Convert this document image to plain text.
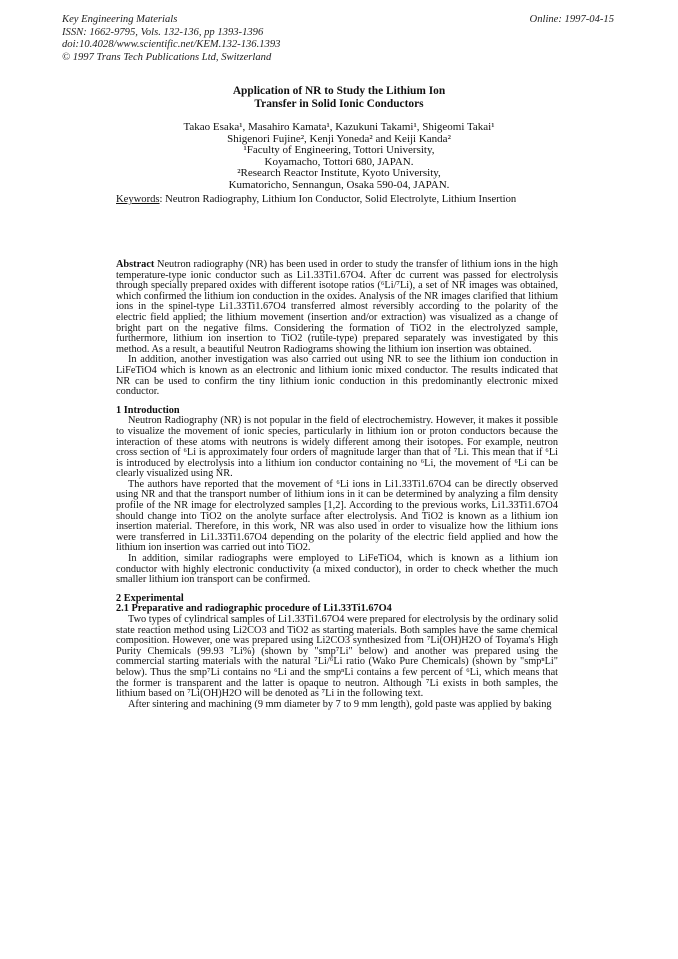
Key Engineering Materials
ISSN: 1662-9795, Vols. 132-136, pp 1393-1396
doi:10.4028/www.scientific.net/KEM.132-136.1393
© 1997 Trans Tech Publications Ltd, Switzerland
Online: 1997-04-15
Application of NR to Study the Lithium Ion
Transfer in Solid Ionic Conductors
Takao Esaka¹, Masahiro Kamata¹, Kazukuni Takami¹, Shigeomi Takai¹
Shigenori Fujine², Kenji Yoneda² and Keiji Kanda²
¹Faculty of Engineering, Tottori University,
Koyamacho, Tottori 680, JAPAN.
²Research Reactor Institute, Kyoto University,
Kumatoricho, Sennangun, Osaka 590-04, JAPAN.
Keywords: Neutron Radiography, Lithium Ion Conductor, Solid Electrolyte, Lithium Insertion

Abstract Neutron radiography (NR) has been used in order to study the transfer of lithium ions in the high temperature-type ionic conductor such as Li1.33Ti1.67O4. After dc current was passed for electrolysis through specially prepared oxides with different isotope ratios (⁶Li/⁷Li), a set of NR images was obtained, which confirmed the lithium ion conduction in the oxides. Analysis of the NR images clarified that lithium ions in the spinel-type Li1.33Ti1.67O4 transferred almost reversibly according to the polarity of the electric field applied; the lithium movement (insertion and/or extraction) was visualized as a change of bright part on the negative films. Considering the formation of TiO2 in the electrolyzed sample, furthermore, lithium ion insertion to TiO2 (rutile-type) prepared separately was investigated by this method. As a result, a beautiful Neutron Radiograms showing the lithium ion insertion was obtained.

In addition, another investigation was also carried out using NR to see the lithium ion conduction in LiFeTiO4 which is known as an electronic and lithium ionic mixed conductor. The results indicated that NR can be used to confirm the tiny lithium ionic conduction in this predominantly electronic mixed conductor.

1 Introduction

Neutron Radiography (NR) is not popular in the field of electrochemistry. However, it makes it possible to visualize the movement of ionic species, particularly in lithium ion or proton conductors because the interaction of these atoms with neutrons is widely different among their isotopes. For example, neutron cross section of ⁶Li is approximately four orders of magnitude larger than that of ⁷Li. This mean that if ⁶Li is introduced by electrolysis into a lithium ion conductor containing no ⁶Li, the movement of ⁶Li can be clearly visualized using NR.

The authors have reported that the movement of ⁶Li ions in Li1.33Ti1.67O4 can be directly observed using NR and that the transport number of lithium ions in it can be determined by analyzing a film density profile of the NR image for electrolyzed samples [1,2]. According to the previous works, Li1.33Ti1.67O4 should change into TiO2 on the anolyte surface after electrolysis. And TiO2 is known as a lithium ion insertion material. Therefore, in this work, NR was also used in order to visualize how the lithium ions were transferred in Li1.33Ti1.67O4 depending on the polarity of the electric field applied and how the lithium ion insertion was carried out into TiO2.

In addition, similar radiographs were employed to LiFeTiO4, which is known as a lithium ion conductor with highly electronic conductivity (a mixed conductor), in order to check whether the much smaller lithium ion transport can be confirmed.

2 Experimental
2.1 Preparative and radiographic procedure of Li1.33Ti1.67O4

Two types of cylindrical samples of Li1.33Ti1.67O4 were prepared for electrolysis by the ordinary solid state reaction method using Li2CO3 and TiO2 as starting materials. Both samples have the same chemical composition. However, one was prepared using Li2CO3 synthesized from ⁷Li(OH)H2O of Toyama's High Purity Chemicals (99.93 ⁷Li%) (shown by "smp⁷Li" below) and another was prepared using the commercial starting materials with the natural ⁷Li/⁶Li ratio (Wako Pure Chemicals) (shown by "smpⁿLi" below). Thus the smp⁷Li contains no ⁶Li and the smpⁿLi contains a few percent of ⁶Li, which means that the former is transparent and the latter is opaque to neutron. Although ⁷Li exists in both samples, the lithium based on ⁷Li(OH)H2O will be denoted as ⁷Li in the following text.

After sintering and machining (9 mm diameter by 7 to 9 mm length), gold paste was applied by baking
